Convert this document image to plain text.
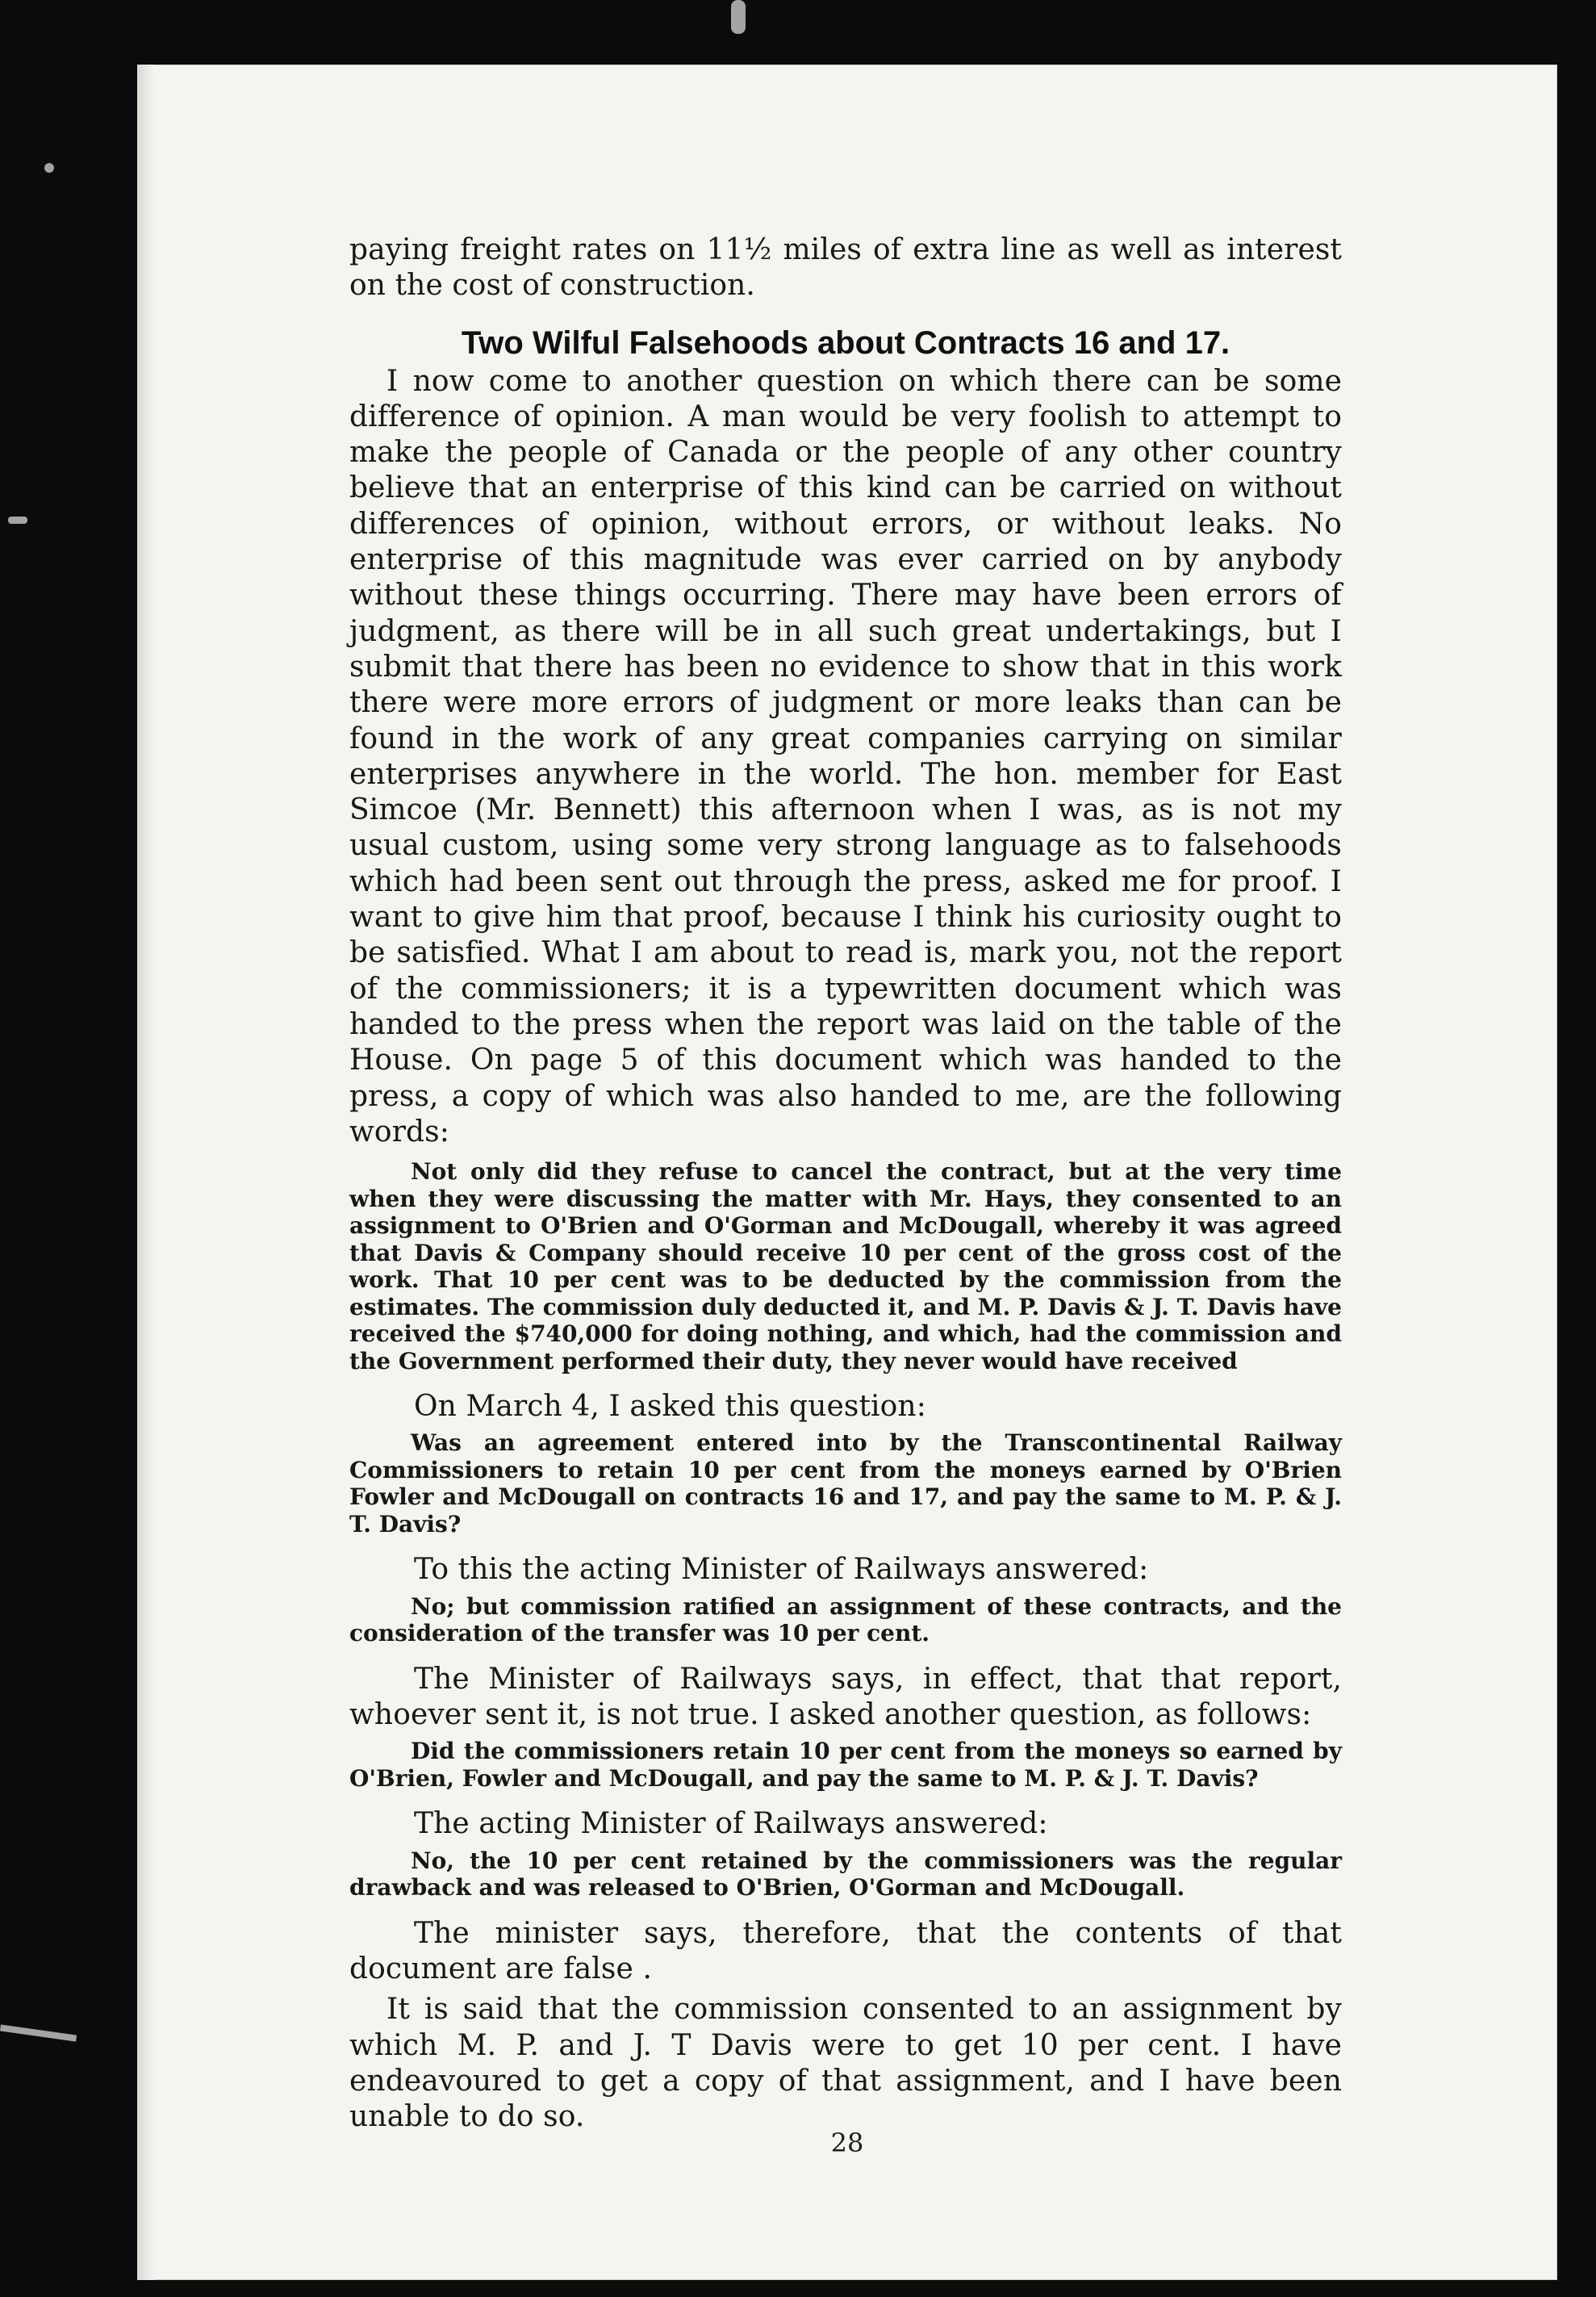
paying freight rates on 11½ miles of extra line as well as interest on the cost of construction.

Two Wilful Falsehoods about Contracts 16 and 17.

I now come to another question on which there can be some difference of opinion. A man would be very foolish to attempt to make the people of Canada or the people of any other country believe that an enterprise of this kind can be carried on without differences of opinion, without errors, or without leaks. No enterprise of this magnitude was ever carried on by anybody without these things occurring. There may have been errors of judgment, as there will be in all such great undertakings, but I submit that there has been no evidence to show that in this work there were more errors of judgment or more leaks than can be found in the work of any great companies carrying on similar enterprises anywhere in the world. The hon. member for East Simcoe (Mr. Bennett) this afternoon when I was, as is not my usual custom, using some very strong language as to falsehoods which had been sent out through the press, asked me for proof. I want to give him that proof, because I think his curiosity ought to be satisfied. What I am about to read is, mark you, not the report of the commissioners; it is a typewritten document which was handed to the press when the report was laid on the table of the House. On page 5 of this document which was handed to the press, a copy of which was also handed to me, are the following words:

Not only did they refuse to cancel the contract, but at the very time when they were discussing the matter with Mr. Hays, they consented to an assignment to O'Brien and O'Gorman and McDougall, whereby it was agreed that Davis & Company should receive 10 per cent of the gross cost of the work. That 10 per cent was to be deducted by the commission from the estimates. The commission duly deducted it, and M. P. Davis & J. T. Davis have received the $740,000 for doing nothing, and which, had the commission and the Government performed their duty, they never would have received

On March 4, I asked this question:

Was an agreement entered into by the Transcontinental Railway Commissioners to retain 10 per cent from the moneys earned by O'Brien Fowler and McDougall on contracts 16 and 17, and pay the same to M. P. & J. T. Davis?

To this the acting Minister of Railways answered:

No; but commission ratified an assignment of these contracts, and the consideration of the transfer was 10 per cent.

The Minister of Railways says, in effect, that that report, whoever sent it, is not true. I asked another question, as follows:

Did the commissioners retain 10 per cent from the moneys so earned by O'Brien, Fowler and McDougall, and pay the same to M. P. & J. T. Davis?

The acting Minister of Railways answered:

No, the 10 per cent retained by the commissioners was the regular drawback and was released to O'Brien, O'Gorman and McDougall.

The minister says, therefore, that the contents of that document are false .

It is said that the commission consented to an assignment by which M. P. and J. T Davis were to get 10 per cent. I have endeavoured to get a copy of that assignment, and I have been unable to do so.

28
